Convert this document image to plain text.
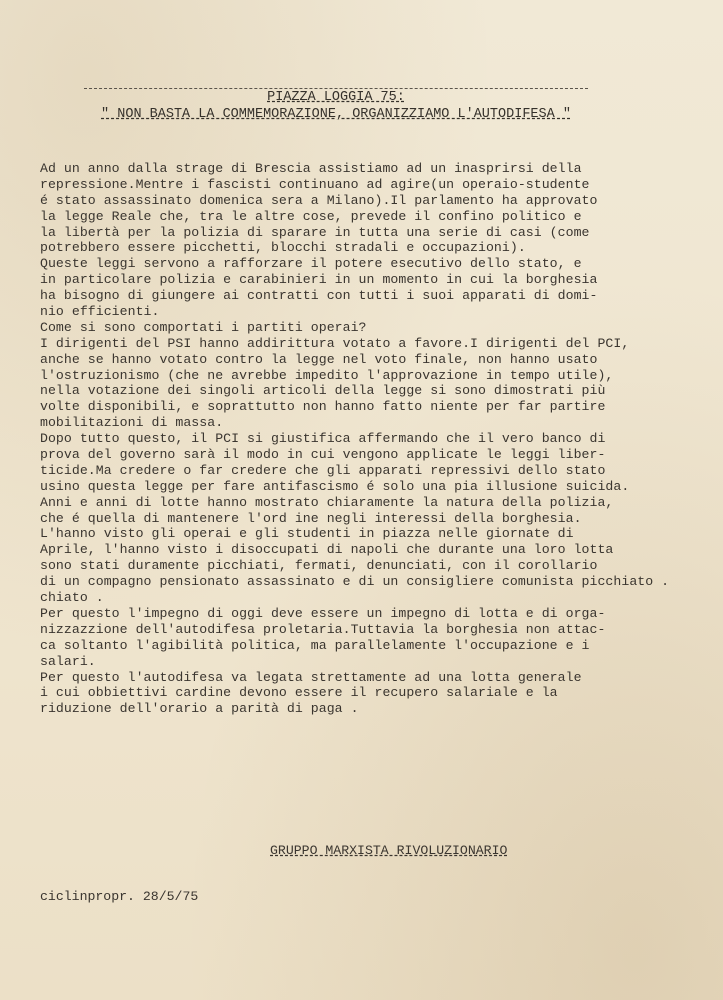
PIAZZA LOGGIA 75:
" NON BASTA LA COMMEMORAZIONE, ORGANIZZIAMO L'AUTODIFESA "
Ad un anno dalla strage di Brescia assistiamo ad un inasprirsi della
repressione.Mentre i fascisti continuano ad agire(un operaio-studente
é stato assassinato domenica sera a Milano).Il parlamento ha approvato
la legge Reale che, tra le altre cose, prevede il confino politico e
la libertà per la polizia di sparare in tutta una serie di casi (come
potrebbero essere picchetti, blocchi stradali e occupazioni).
Queste leggi servono a rafforzare il potere esecutivo dello stato, e
in particolare polizia e carabinieri in un momento in cui la borghesia
ha bisogno di giungere ai contratti con tutti i suoi apparati di domi-
nio efficienti.
Come si sono comportati i partiti operai?
I dirigenti del PSI hanno addirittura votato a favore.I dirigenti del PCI,
anche se hanno votato contro la legge nel voto finale, non hanno usato
l'ostruzionismo (che ne avrebbe impedito l'approvazione in tempo utile),
nella votazione dei singoli articoli della legge si sono dimostrati più
volte disponibili, e soprattutto non hanno fatto niente per far partire
mobilitazioni di massa.
Dopo tutto questo, il PCI si giustifica affermando che il vero banco di
prova del governo sarà il modo in cui vengono applicate le leggi liber-
ticide.Ma credere o far credere che gli apparati repressivi dello stato
usino questa legge per fare antifascismo é solo una pia illusione suicida.
Anni e anni di lotte hanno mostrato chiaramente la natura della polizia,
che é quella di mantenere l'ord ine negli interessi della borghesia.
L'hanno visto gli operai e gli studenti in piazza nelle giornate di
Aprile, l'hanno visto i disoccupati di napoli che durante una loro lotta
sono stati duramente picchiati, fermati, denunciati, con il corollario
di un compagno pensionato assassinato e di un consigliere comunista picchiato .
chiato .
Per questo l'impegno di oggi deve essere un impegno di lotta e di orga-
nizzazzione dell'autodifesa proletaria.Tuttavia la borghesia non attac-
ca soltanto l'agibilità politica, ma parallelamente l'occupazione e i
salari.
Per questo l'autodifesa va legata strettamente ad una lotta generale
i cui obbiettivi cardine devono essere il recupero salariale e la
riduzione dell'orario a parità di paga .
GRUPPO MARXISTA RIVOLUZIONARIO
ciclinpropr. 28/5/75
